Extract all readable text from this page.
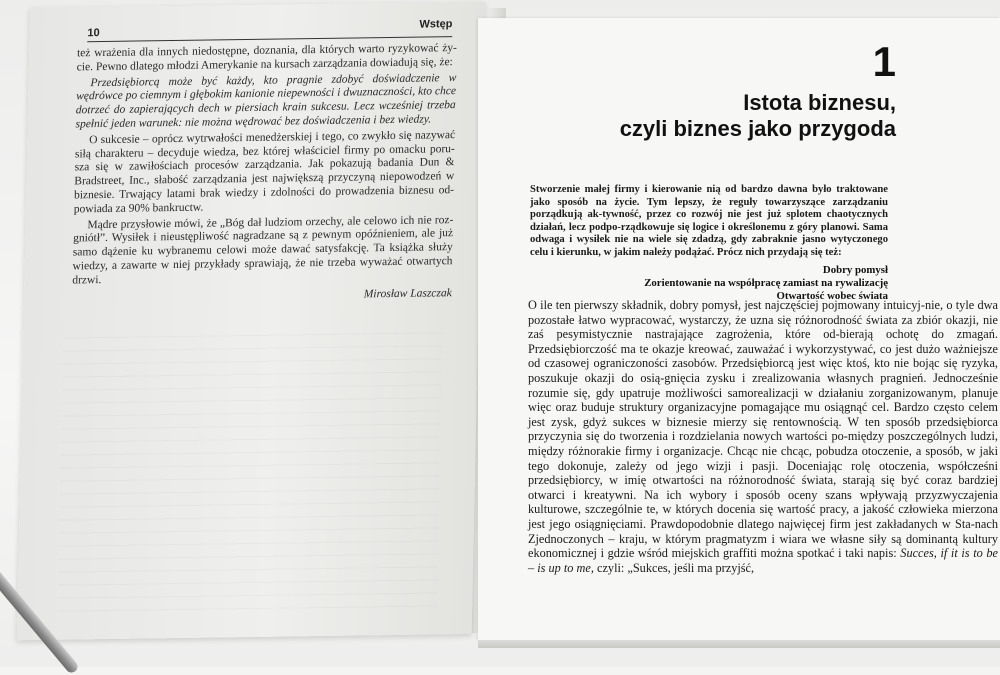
10
Wstęp

też wrażenia dla innych niedostępne, doznania, dla których warto ryzykować ży-cie. Pewno dlatego młodzi Amerykanie na kursach zarządzania dowiadują się, że:

Przedsiębiorcą może być każdy, kto pragnie zdobyć doświadczenie w wędrówce po ciemnym i głębokim kanionie niepewności i dwuznaczności, kto chce dotrzeć do zapierających dech w piersiach krain sukcesu. Lecz wcześniej trzeba spełnić jeden warunek: nie można wędrować bez doświadczenia i bez wiedzy.

O sukcesie – oprócz wytrwałości menedżerskiej i tego, co zwykło się nazywać siłą charakteru – decyduje wiedza, bez której właściciel firmy po omacku poru-sza się w zawiłościach procesów zarządzania. Jak pokazują badania Dun & Bradstreet, Inc., słabość zarządzania jest największą przyczyną niepowodzeń w biznesie. Trwający latami brak wiedzy i zdolności do prowadzenia biznesu od-powiada za 90% bankructw.

Mądre przysłowie mówi, że „Bóg dał ludziom orzechy, ale celowo ich nie roz-gniótł”. Wysiłek i nieustępliwość nagradzane są z pewnym opóźnieniem, ale już samo dążenie ku wybranemu celowi może dawać satysfakcję. Ta książka służy wiedzy, a zawarte w niej przykłady sprawiają, że nie trzeba wyważać otwartych drzwi.

Mirosław Laszczak
1
Istota biznesu,
czyli biznes jako przygoda
Stworzenie małej firmy i kierowanie nią od bardzo dawna było traktowane jako sposób na życie. Tym lepszy, że reguły towarzyszące zarządzaniu porządkują ak-tywność, przez co rozwój nie jest już splotem chaotycznych działań, lecz podpo-rządkowuje się logice i określonemu z góry planowi. Sama odwaga i wysiłek nie na wiele się zdadzą, gdy zabraknie jasno wytyczonego celu i kierunku, w jakim należy podążać. Prócz nich przydają się też:
Dobry pomysł
Zorientowanie na współpracę zamiast na rywalizację
Otwartość wobec świata

O ile ten pierwszy składnik, dobry pomysł, jest najczęściej pojmowany intuicyj-nie, o tyle dwa pozostałe łatwo wypracować, wystarczy, że uzna się różnorodność świata za zbiór okazji, nie zaś pesymistycznie nastrajające zagrożenia, które od-bierają ochotę do zmagań. Przedsiębiorczość ma te okazje kreować, zauważać i wykorzystywać, co jest dużo ważniejsze od czasowej ograniczoności zasobów. Przedsiębiorcą jest więc ktoś, kto nie bojąc się ryzyka, poszukuje okazji do osią-gnięcia zysku i zrealizowania własnych pragnień. Jednocześnie rozumie się, gdy upatruje możliwości samorealizacji w działaniu zorganizowanym, planuje więc oraz buduje struktury organizacyjne pomagające mu osiągnąć cel. Bardzo często celem jest zysk, gdyż sukces w biznesie mierzy się rentownością. W ten sposób przedsiębiorca przyczynia się do tworzenia i rozdzielania nowych wartości po-między poszczególnych ludzi, między różnorakie firmy i organizacje. Chcąc nie chcąc, pobudza otoczenie, a sposób, w jaki tego dokonuje, zależy od jego wizji i pasji. Doceniając rolę otoczenia, współcześni przedsiębiorcy, w imię otwartości na różnorodność świata, starają się być coraz bardziej otwarci i kreatywni. Na ich wybory i sposób oceny szans wpływają przyzwyczajenia kulturowe, szczególnie te, w których docenia się wartość pracy, a jakość człowieka mierzona jest jego osiągnięciami. Prawdopodobnie dlatego najwięcej firm jest zakładanych w Sta-nach Zjednoczonych – kraju, w którym pragmatyzm i wiara we własne siły są dominantą kultury ekonomicznej i gdzie wśród miejskich graffiti można spotkać i taki napis: Succes, if it is to be – is up to me, czyli: „Sukces, jeśli ma przyjść,
